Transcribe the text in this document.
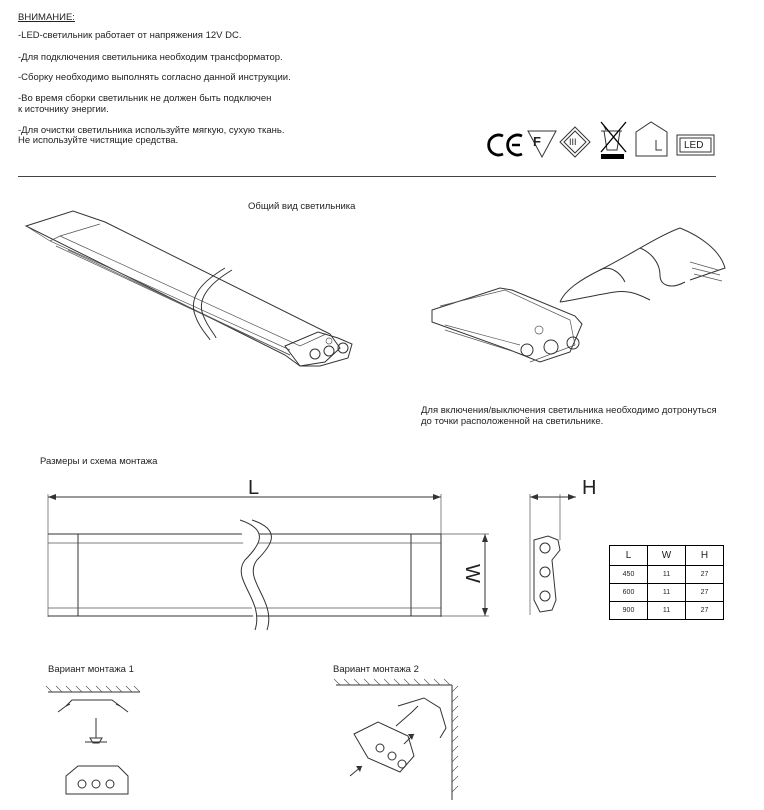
ВНИМАНИЕ:
-LED-светильник работает от напряжения 12V DC.
-Для подключения светильника необходим трансформатор.
-Сборку необходимо выполнять согласно данной инструкции.
-Во время сборки светильник не должен быть подключен
к источнику энергии.
-Для очистки светильника используйте мягкую, сухую ткань.
Не используйте чистящие средства.	F	III	LED
Общий вид светильника
Для включения/выключения светильника необходимо дотронуться
до точки расположенной на светильнике.
Размеры и схема монтажа
L
W
H
L	W	H
450	11	27
600	11	27
900	11	27
Вариант монтажа 1	Вариант монтажа 2
